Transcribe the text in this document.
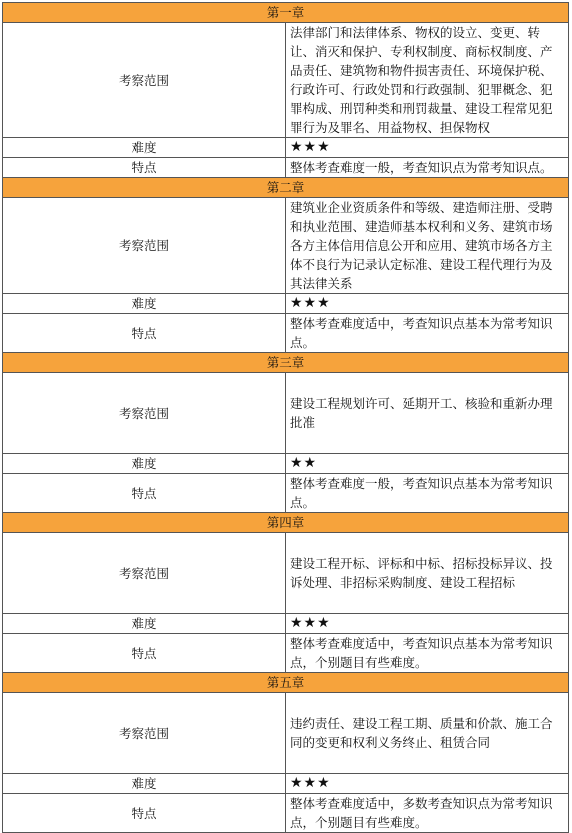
第一章	
考察范围	法律部门和法律体系、物权的设立、变更、转让、消灭和保护、专利权制度、商标权制度、产品责任、建筑物和物件损害责任、环境保护税、行政许可、行政处罚和行政强制、犯罪概念、犯罪构成、刑罚种类和刑罚裁量、建设工程常见犯罪行为及罪名、用益物权、担保物权
难度	★★★
特点	整体考查难度一般，考查知识点为常考知识点。
第二章	
考察范围	建筑业企业资质条件和等级、建造师注册、受聘和执业范围、建造师基本权利和义务、建筑市场各方主体信用信息公开和应用、建筑市场各方主体不良行为记录认定标准、建设工程代理行为及其法律关系
难度	★★★
特点	整体考查难度适中，考查知识点基本为常考知识点。
第三章	
考察范围	建设工程规划许可、延期开工、核验和重新办理批准
难度	★★
特点	整体考查难度一般，考查知识点基本为常考知识点。
第四章	
考察范围	建设工程开标、评标和中标、招标投标异议、投诉处理、非招标采购制度、建设工程招标
难度	★★★
特点	整体考查难度适中，考查知识点基本为常考知识点，个别题目有些难度。
第五章	
考察范围	违约责任、建设工程工期、质量和价款、施工合同的变更和权利义务终止、租赁合同
难度	★★★
特点	整体考查难度适中，多数考查知识点为常考知识点，个别题目有些难度。
